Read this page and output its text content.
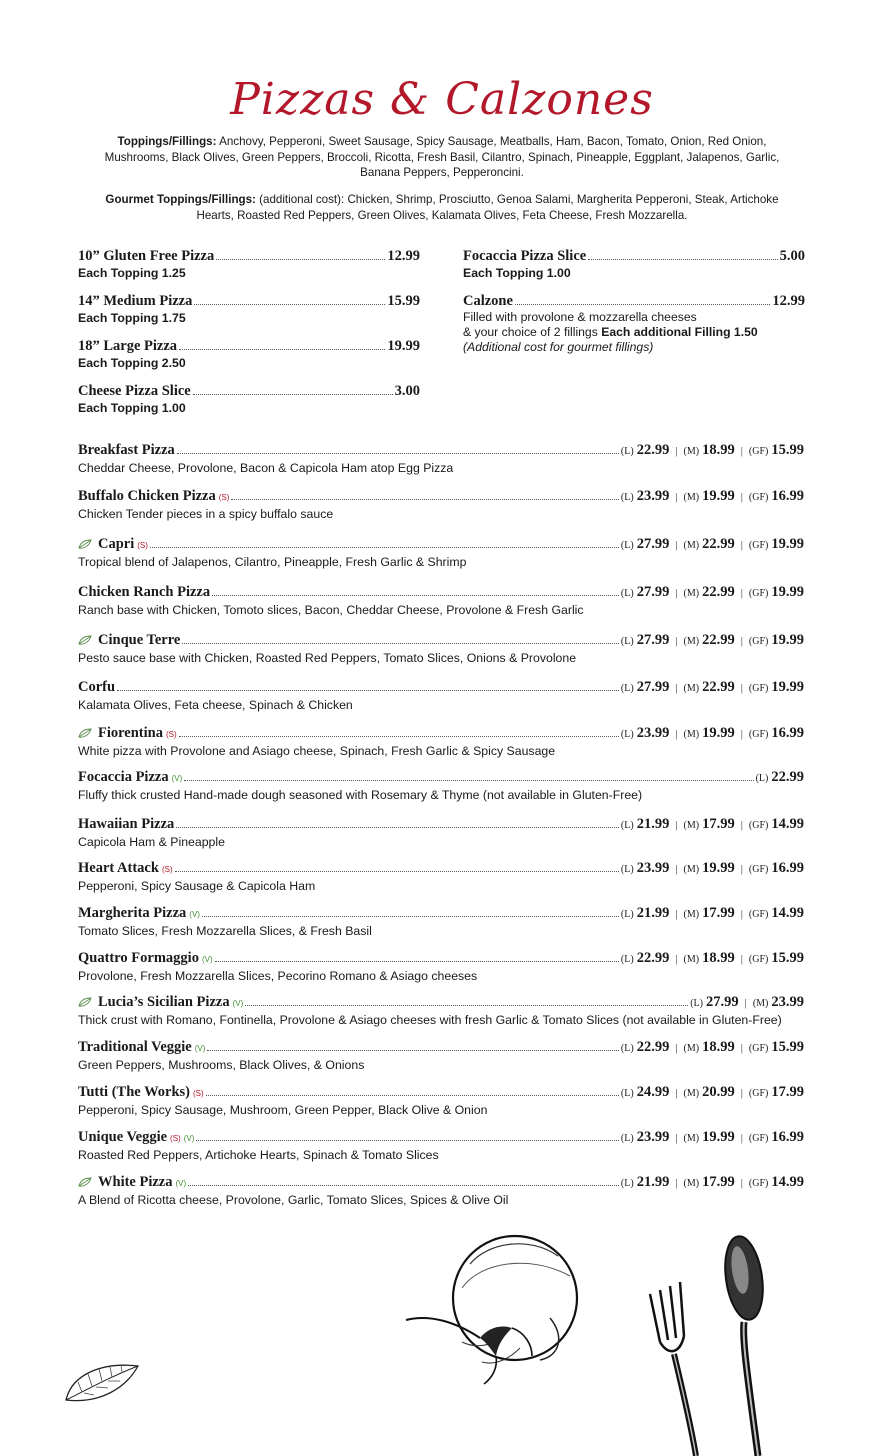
Pizzas & Calzones
Toppings/Fillings: Anchovy, Pepperoni, Sweet Sausage, Spicy Sausage, Meatballs, Ham, Bacon, Tomato, Onion, Red Onion, Mushrooms, Black Olives, Green Peppers, Broccoli, Ricotta, Fresh Basil, Cilantro, Spinach, Pineapple, Eggplant, Jalapenos, Garlic, Banana Peppers, Pepperoncini.
Gourmet Toppings/Fillings: (additional cost): Chicken, Shrimp, Prosciutto, Genoa Salami, Margherita Pepperoni, Steak, Artichoke Hearts, Roasted Red Peppers, Green Olives, Kalamata Olives, Feta Cheese, Fresh Mozzarella.
10” Gluten Free Pizza	12.99
Each Topping 1.25
14” Medium Pizza	15.99
Each Topping 1.75
18” Large Pizza	19.99
Each Topping 2.50
Cheese Pizza Slice	3.00
Each Topping 1.00
Focaccia Pizza Slice	5.00
Each Topping 1.00
Calzone	12.99
Filled with provolone & mozzarella cheeses
& your choice of 2 fillings Each additional Filling 1.50
(Additional cost for gourmet fillings)
Breakfast Pizza	(L) 22.99 | (M) 18.99 | (GF) 15.99
Cheddar Cheese, Provolone, Bacon & Capicola Ham atop Egg Pizza
Buffalo Chicken Pizza (S)	(L) 23.99 | (M) 19.99 | (GF) 16.99
Chicken Tender pieces in a spicy buffalo sauce
Capri (S)	(L) 27.99 | (M) 22.99 | (GF) 19.99
Tropical blend of Jalapenos, Cilantro, Pineapple, Fresh Garlic & Shrimp
Chicken Ranch Pizza	(L) 27.99 | (M) 22.99 | (GF) 19.99
Ranch base with Chicken, Tomoto slices, Bacon, Cheddar Cheese, Provolone & Fresh Garlic
Cinque Terre	(L) 27.99 | (M) 22.99 | (GF) 19.99
Pesto sauce base with Chicken, Roasted Red Peppers, Tomato Slices, Onions & Provolone
Corfu	(L) 27.99 | (M) 22.99 | (GF) 19.99
Kalamata Olives, Feta cheese, Spinach & Chicken
Fiorentina (S)	(L) 23.99 | (M) 19.99 | (GF) 16.99
White pizza with Provolone and Asiago cheese, Spinach, Fresh Garlic & Spicy Sausage
Focaccia Pizza (V)	(L) 22.99
Fluffy thick crusted Hand-made dough seasoned with Rosemary & Thyme (not available in Gluten-Free)
Hawaiian Pizza	(L) 21.99 | (M) 17.99 | (GF) 14.99
Capicola Ham & Pineapple
Heart Attack (S)	(L) 23.99 | (M) 19.99 | (GF) 16.99
Pepperoni, Spicy Sausage & Capicola Ham
Margherita Pizza (V)	(L) 21.99 | (M) 17.99 | (GF) 14.99
Tomato Slices, Fresh Mozzarella Slices, & Fresh Basil
Quattro Formaggio (V)	(L) 22.99 | (M) 18.99 | (GF) 15.99
Provolone, Fresh Mozzarella Slices, Pecorino Romano & Asiago cheeses
Lucia’s Sicilian Pizza (V)	(L) 27.99 | (M) 23.99
Thick crust with Romano, Fontinella, Provolone & Asiago cheeses with fresh Garlic & Tomato Slices (not available in Gluten-Free)
Traditional Veggie (V)	(L) 22.99 | (M) 18.99 | (GF) 15.99
Green Peppers, Mushrooms, Black Olives, & Onions
Tutti (The Works) (S)	(L) 24.99 | (M) 20.99 | (GF) 17.99
Pepperoni, Spicy Sausage, Mushroom, Green Pepper, Black Olive & Onion
Unique Veggie (S) (V)	(L) 23.99 | (M) 19.99 | (GF) 16.99
Roasted Red Peppers, Artichoke Hearts, Spinach & Tomato Slices
White Pizza (V)	(L) 21.99 | (M) 17.99 | (GF) 14.99
A Blend of Ricotta cheese, Provolone, Garlic, Tomato Slices, Spices & Olive Oil
